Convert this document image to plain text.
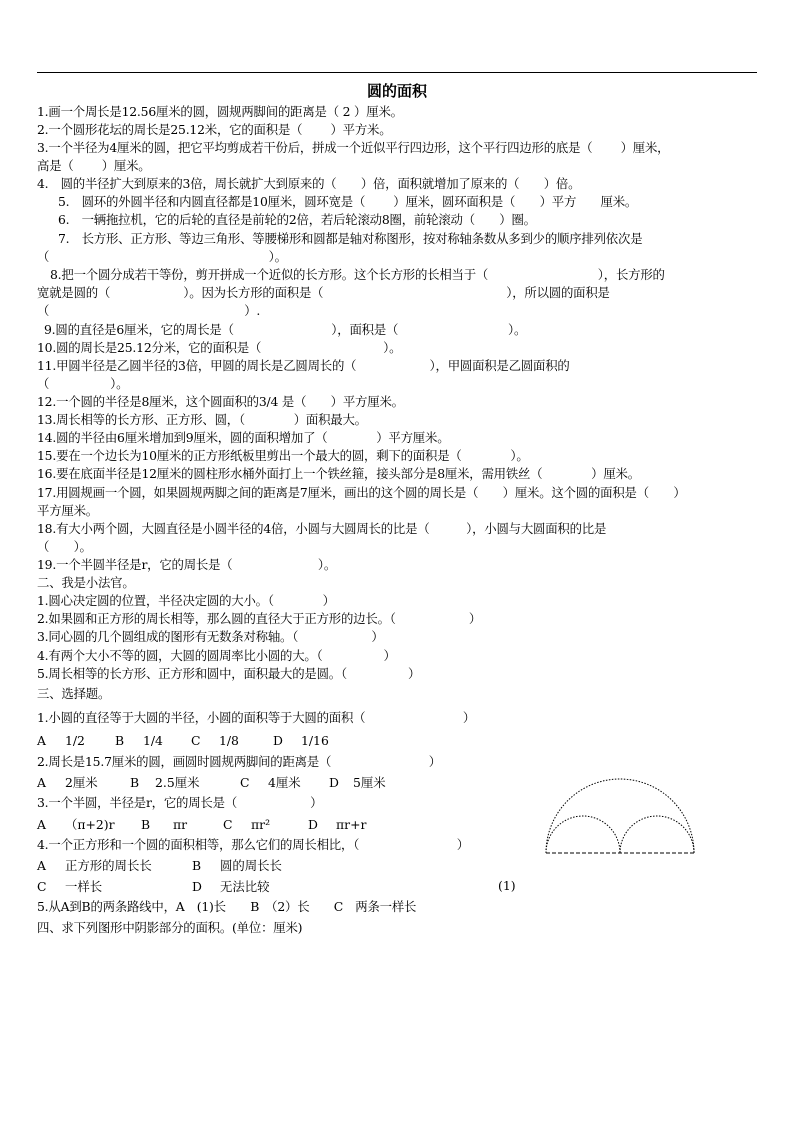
圆的面积
1.画一个周长是12.56厘米的圆，圆规两脚间的距离是（ 2 ）厘米。
2.一个圆形花坛的周长是25.12米，它的面积是（　　 ）平方米。
3.一个半径为4厘米的圆，把它平均剪成若干份后，拼成一个近似平行四边形，这个平行四边形的底是（　　 ）厘米，
高是（　　 ）厘米。
4.　圆的半径扩大到原来的3倍，周长就扩大到原来的（　　）倍，面积就增加了原来的（　　）倍。
5.　圆环的外圆半径和内圆直径都是10厘米，圆环宽是（　　 ）厘米，圆环面积是（　　）平方　　厘米。
6.　一辆拖拉机，它的后轮的直径是前轮的2倍，若后轮滚动8圈，前轮滚动（　　）圈。
7.　长方形、正方形、等边三角形、等腰梯形和圆都是轴对称图形，按对称轴条数从多到少的顺序排列依次是
（　　　　　　　　　　　　　　　　　　）。
8.把一个圆分成若干等份，剪开拼成一个近似的长方形。这个长方形的长相当于（　　　　　　　　　），长方形的
宽就是圆的（　　　　　　）。因为长方形的面积是（　　　　　　　　　　　　　　　），所以圆的面积是
（　　　　　　　　　　　　　　　　）.
9.圆的直径是6厘米，它的周长是（　　　　　　　　），面积是（　　　　　　　　　）。
10.圆的周长是25.12分米，它的面积是（　　　　　　　　　　）。
11.甲圆半径是乙圆半径的3倍，甲圆的周长是乙圆周长的（　　　　　　），甲圆面积是乙圆面积的
（　　　　　）。
12.一个圆的半径是8厘米，这个圆面积的3/4 是（　　）平方厘米。
13.周长相等的长方形、正方形、圆，（　　　　）面积最大。
14.圆的半径由6厘米增加到9厘米，圆的面积增加了（　　　　）平方厘米。
15.要在一个边长为10厘米的正方形纸板里剪出一个最大的圆，剩下的面积是（　　　　）。
16.要在底面半径是12厘米的圆柱形水桶外面打上一个铁丝箍，接头部分是8厘米，需用铁丝（　　　　）厘米。
17.用圆规画一个圆，如果圆规两脚之间的距离是7厘米，画出的这个圆的周长是（　　）厘米。这个圆的面积是（　　）
平方厘米。
18.有大小两个圆，大圆直径是小圆半径的4倍，小圆与大圆周长的比是（　　　），小圆与大圆面积的比是
（　　）。
19.一个半圆半径是r，它的周长是（　　　　　　　）。
二、我是小法官。
1.圆心决定圆的位置，半径决定圆的大小。（　　　　）
2.如果圆和正方形的周长相等，那么圆的直径大于正方形的边长。（　　　　　　）
3.同心圆的几个圆组成的图形有无数条对称轴。（　　　　　　）
4.有两个大小不等的圆，大圆的圆周率比小圆的大。（　　　　　）
5.周长相等的长方形、正方形和圆中，面积最大的是圆。（　　　　　）
三、选择题。
1.小圆的直径等于大圆的半径，小圆的面积等于大圆的面积（　　　　　　　　）
A 1/2 B 1/4 C 1/8	D 1/16
2.周长是15.7厘米的圆，画圆时圆规两脚间的距离是（　　　　　　　　）
A 2厘米	B 2.5厘米	C 4厘米 D 5厘米
3.一个半圆，半径是r，它的周长是（　　　　　　）
A （π+2)r B πr	C πr²	D πr+r
4.一个正方形和一个圆的面积相等，那么它们的周长相比，（　　　　　　　　）
A 正方形的周长长	B 圆的周长长
C 一样长	D 无法比较
5.从A到B的两条路线中，A　(1)长　　B　（2）长　　C　两条一样长
四、求下列图形中阴影部分的面积。(单位：厘米)
(1)
